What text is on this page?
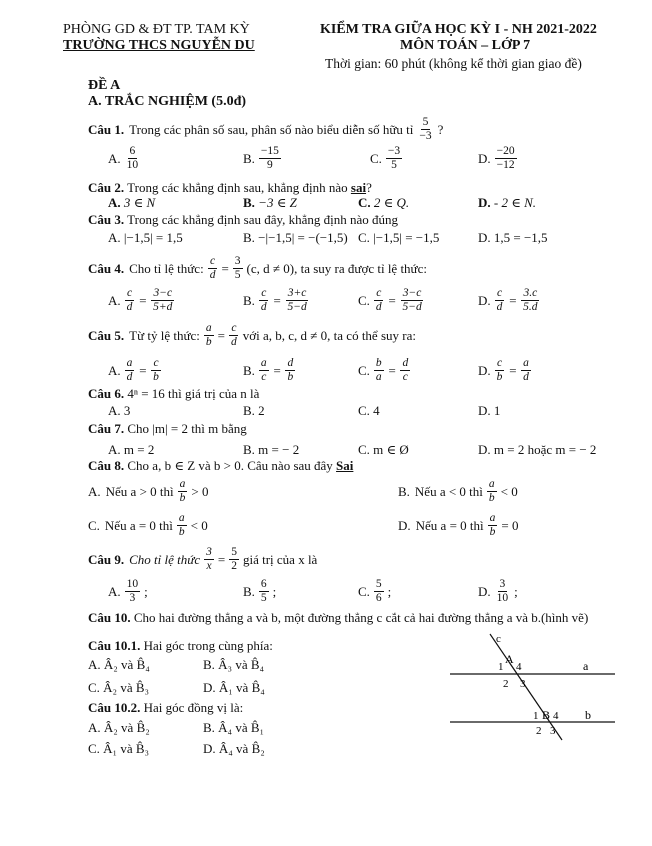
PHÒNG GD & ĐT TP. TAM KỲ
TRƯỜNG THCS NGUYỄN DU
KIỂM TRA GIỮA HỌC KỲ I - NH 2021-2022
MÔN TOÁN – LỚP 7
Thời gian: 60 phút (không kể thời gian giao đề)
ĐỀ A
A. TRẮC NGHIỆM (5.0đ)
Câu 1. Trong các phân số sau, phân số nào biểu diễn số hữu tỉ $\frac{5}{-3}$ ?
A. $\frac{6}{10}$	B. $\frac{-15}{9}$	C. $\frac{-3}{5}$	D. $\frac{-20}{-12}$
Câu 2. Trong các khẳng định sau, khẳng định nào sai?
A. 3 ∈ N	B. −3 ∈ Z	C. 2 ∈ Q.	D. - 2 ∈ N.
Câu 3. Trong các khẳng định sau đây, khẳng định nào đúng
A. |−1,5| = 1,5	B. −|−1,5| = −(−1,5) C. |−1,5| = −1,5	D. 1,5 = −1,5
Câu 4. Cho tỉ lệ thức: $\frac{c}{d} = \frac{3}{5} (c$, d ≠ 0), ta suy ra được tỉ lệ thức:
A. $\frac{c}{d} = \frac{3-c}{5+d}$	B. $\frac{c}{d} = \frac{3+c}{5-d}$	C. $\frac{c}{d} = \frac{3-c}{5-d}$	D. $\frac{c}{d} = \frac{3.c}{5.d}$
Câu 5. Từ tỷ lệ thức: $\frac{a}{b} = \frac{c}{d}$ với a, b, c, d ≠ 0, ta có thể suy ra:
A. $\frac{a}{d} = \frac{c}{b}$	B. $\frac{a}{c} = \frac{d}{b}$	C. $\frac{b}{a} = \frac{d}{c}$	D. $\frac{c}{b} = \frac{a}{d}$
Câu 6. 4ⁿ = 16 thì giá trị của n là
A. 3	B. 2	C. 4	D. 1
Câu 7. Cho |m| = 2 thì m bằng
A. m = 2	B. m = − 2	C. m ∈ Ø	D. m = 2 hoặc m = − 2
Câu 8. Cho a, b ∈ Z và b > 0. Câu nào sau đây Sai
A. Nếu a > 0 thì $\frac{a}{b} > 0$	B. Nếu a < 0 thì $\frac{a}{b} < 0$
C. Nếu a = 0 thì $\frac{a}{b} < 0$	D. Nếu a = 0 thì $\frac{a}{b} = 0$
Câu 9. Cho tỉ lệ thức $\frac{3}{x} = \frac{5}{2}$ giá trị của x là
A. $\frac{10}{3}$ ;	B. $\frac{6}{5}$ ;	C. $\frac{5}{6}$ ;	D. $\frac{3}{10}$ ;
Câu 10. Cho hai đường thẳng a và b, một đường thẳng c cắt cả hai đường thẳng a và b.(hình vẽ)
Câu 10.1. Hai góc trong cùng phía:
A. Â₂ và B̂₄	B. Â₃ và B̂₄
C. Â₂ và B̂₃	D. Â₁ và B̂₄
Câu 10.2. Hai góc đồng vị là:
A. Â₂ và B̂₂	B. Â₄ và B̂₁
C. Â₁ và B̂₃	D. Â₄ và B̂₂
c
a
b
A
1 4
2 3
B
1 4
2 3
